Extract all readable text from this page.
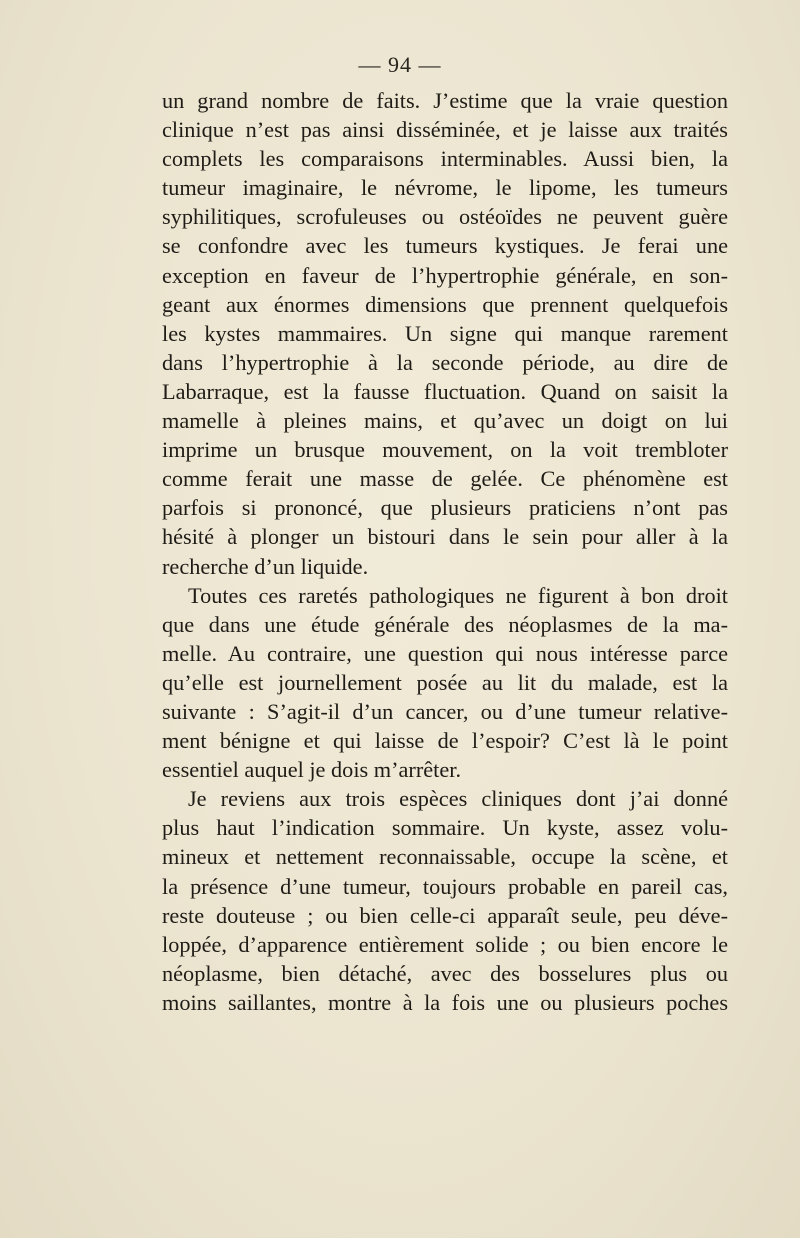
— 94 —
un grand nombre de faits. J’estime que la vraie question
clinique n’est pas ainsi disséminée, et je laisse aux traités
complets les comparaisons interminables. Aussi bien, la
tumeur imaginaire, le névrome, le lipome, les tumeurs
syphilitiques, scrofuleuses ou ostéoïdes ne peuvent guère
se confondre avec les tumeurs kystiques. Je ferai une
exception en faveur de l’hypertrophie générale, en son-
geant aux énormes dimensions que prennent quelquefois
les kystes mammaires. Un signe qui manque rarement
dans l’hypertrophie à la seconde période, au dire de
Labarraque, est la fausse fluctuation. Quand on saisit la
mamelle à pleines mains, et qu’avec un doigt on lui
imprime un brusque mouvement, on la voit trembloter
comme ferait une masse de gelée. Ce phénomène est
parfois si prononcé, que plusieurs praticiens n’ont pas
hésité à plonger un bistouri dans le sein pour aller à la
recherche d’un liquide.
Toutes ces raretés pathologiques ne figurent à bon droit
que dans une étude générale des néoplasmes de la ma-
melle. Au contraire, une question qui nous intéresse parce
qu’elle est journellement posée au lit du malade, est la
suivante : S’agit-il d’un cancer, ou d’une tumeur relative-
ment bénigne et qui laisse de l’espoir? C’est là le point
essentiel auquel je dois m’arrêter.
Je reviens aux trois espèces cliniques dont j’ai donné
plus haut l’indication sommaire. Un kyste, assez volu-
mineux et nettement reconnaissable, occupe la scène, et
la présence d’une tumeur, toujours probable en pareil cas,
reste douteuse ; ou bien celle-ci apparaît seule, peu déve-
loppée, d’apparence entièrement solide ; ou bien encore le
néoplasme, bien détaché, avec des bosselures plus ou
moins saillantes, montre à la fois une ou plusieurs poches
